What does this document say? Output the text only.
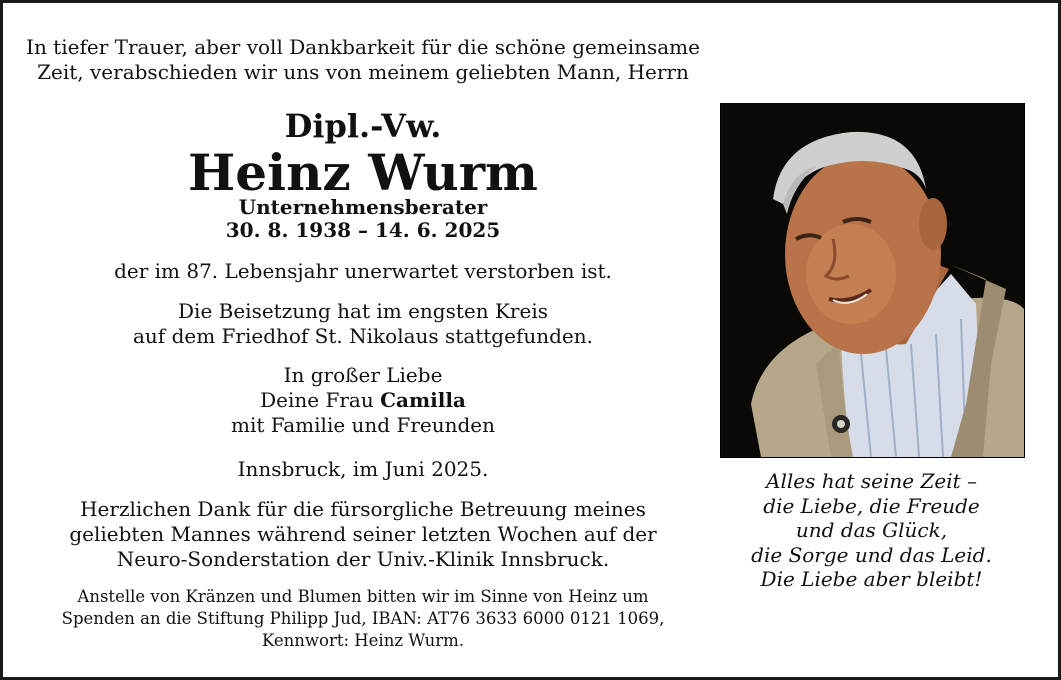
In tiefer Trauer, aber voll Dankbarkeit für die schöne gemeinsame
Zeit, verabschieden wir uns von meinem geliebten Mann, Herrn
Dipl.-Vw.
Heinz Wurm
Unternehmensberater
30. 8. 1938 – 14. 6. 2025
der im 87. Lebensjahr unerwartet verstorben ist.
Die Beisetzung hat im engsten Kreis
auf dem Friedhof St. Nikolaus stattgefunden.
In großer Liebe
Deine Frau Camilla
mit Familie und Freunden
Innsbruck, im Juni 2025.
Herzlichen Dank für die fürsorgliche Betreuung meines
geliebten Mannes während seiner letzten Wochen auf der
Neuro-Sonderstation der Univ.-Klinik Innsbruck.
Anstelle von Kränzen und Blumen bitten wir im Sinne von Heinz um
Spenden an die Stiftung Philipp Jud, IBAN: AT76 3633 6000 0121 1069,
Kennwort: Heinz Wurm.
Alles hat seine Zeit –
die Liebe, die Freude
und das Glück,
die Sorge und das Leid.
Die Liebe aber bleibt!
